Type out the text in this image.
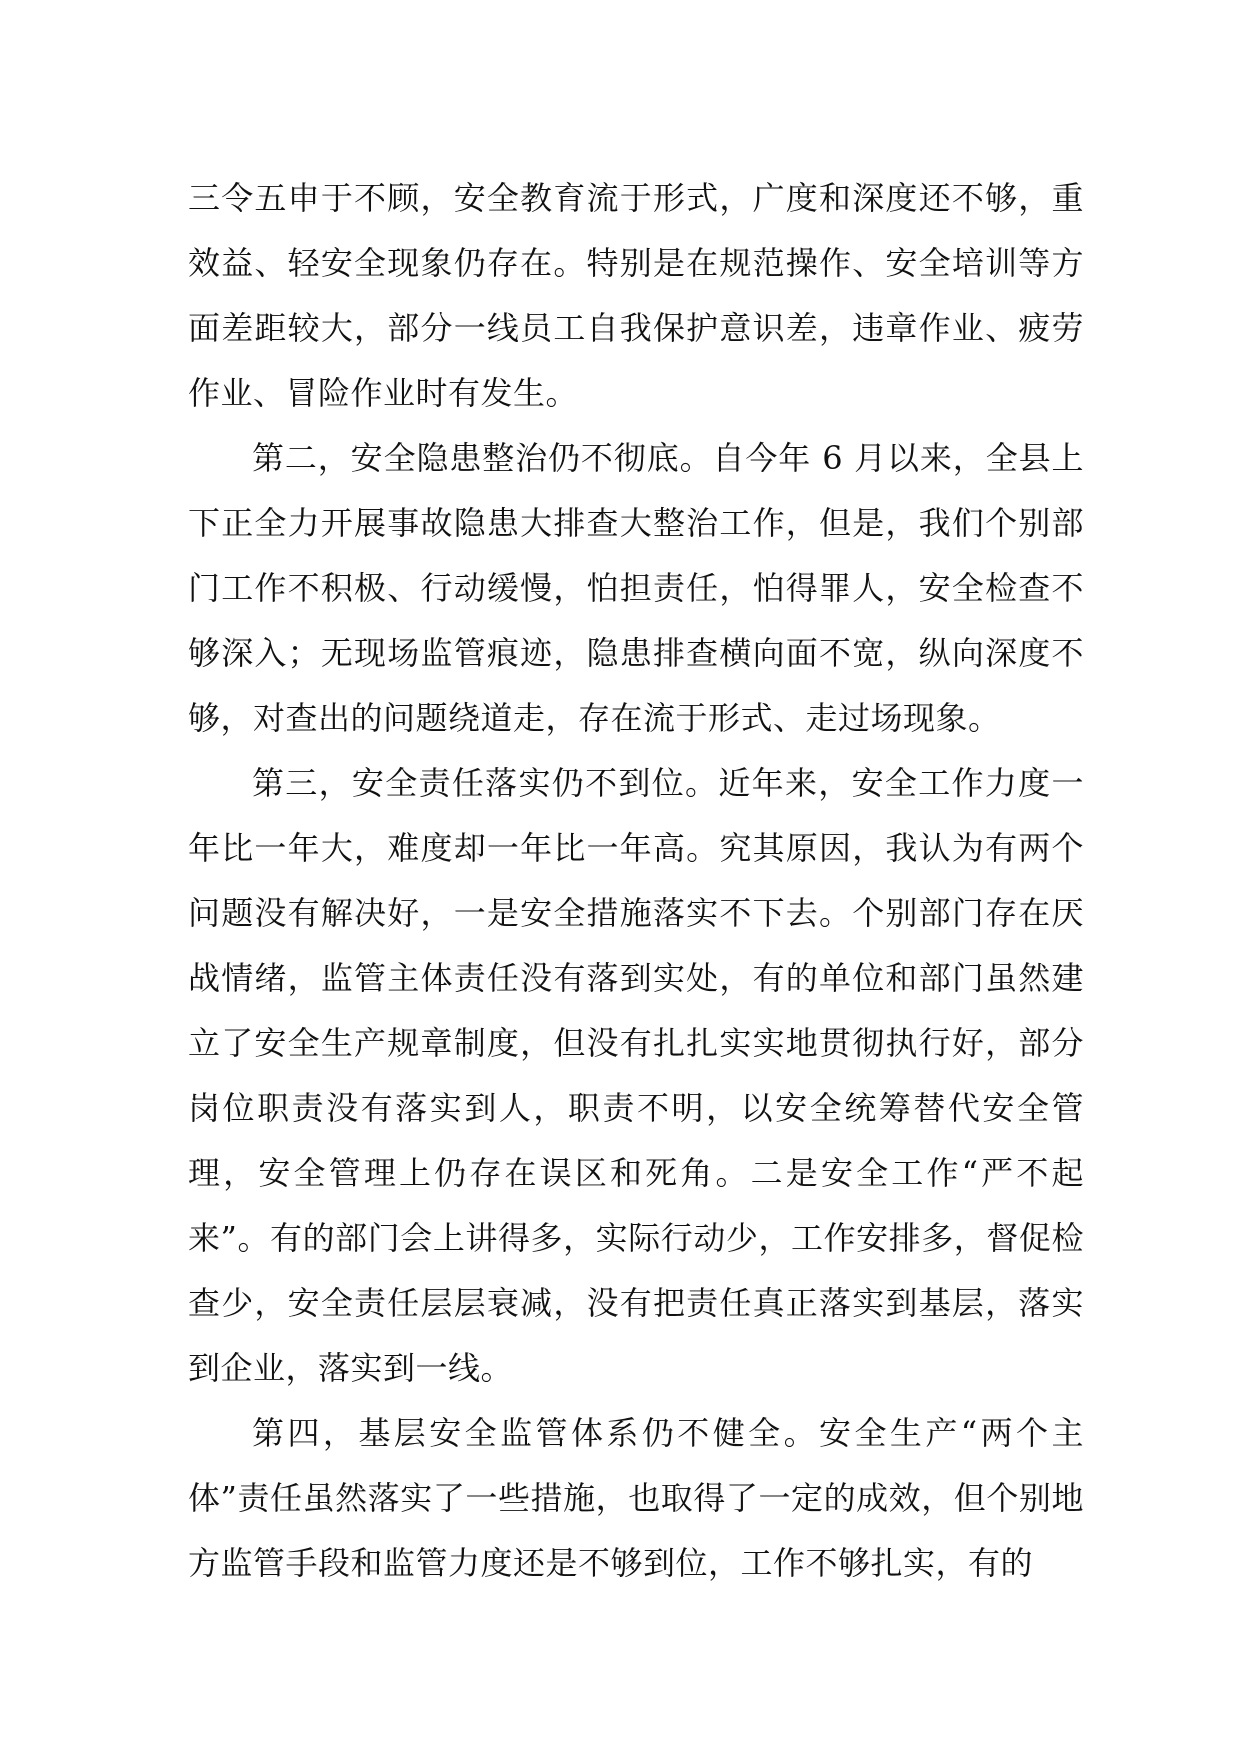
三令五申于不顾，安全教育流于形式，广度和深度还不够，重效益、轻安全现象仍存在。特别是在规范操作、安全培训等方面差距较大，部分一线员工自我保护意识差，违章作业、疲劳作业、冒险作业时有发生。

第二，安全隐患整治仍不彻底。自今年 6 月以来，全县上下正全力开展事故隐患大排查大整治工作，但是，我们个别部门工作不积极、行动缓慢，怕担责任，怕得罪人，安全检查不够深入；无现场监管痕迹，隐患排查横向面不宽，纵向深度不够，对查出的问题绕道走，存在流于形式、走过场现象。

第三，安全责任落实仍不到位。近年来，安全工作力度一年比一年大，难度却一年比一年高。究其原因，我认为有两个问题没有解决好，一是安全措施落实不下去。个别部门存在厌战情绪，监管主体责任没有落到实处，有的单位和部门虽然建立了安全生产规章制度，但没有扎扎实实地贯彻执行好，部分岗位职责没有落实到人，职责不明，以安全统筹替代安全管理，安全管理上仍存在误区和死角。二是安全工作“严不起来”。有的部门会上讲得多，实际行动少，工作安排多，督促检查少，安全责任层层衰减，没有把责任真正落实到基层，落实到企业，落实到一线。

第四，基层安全监管体系仍不健全。安全生产“两个主体”责任虽然落实了一些措施，也取得了一定的成效，但个别地方监管手段和监管力度还是不够到位，工作不够扎实，有的
